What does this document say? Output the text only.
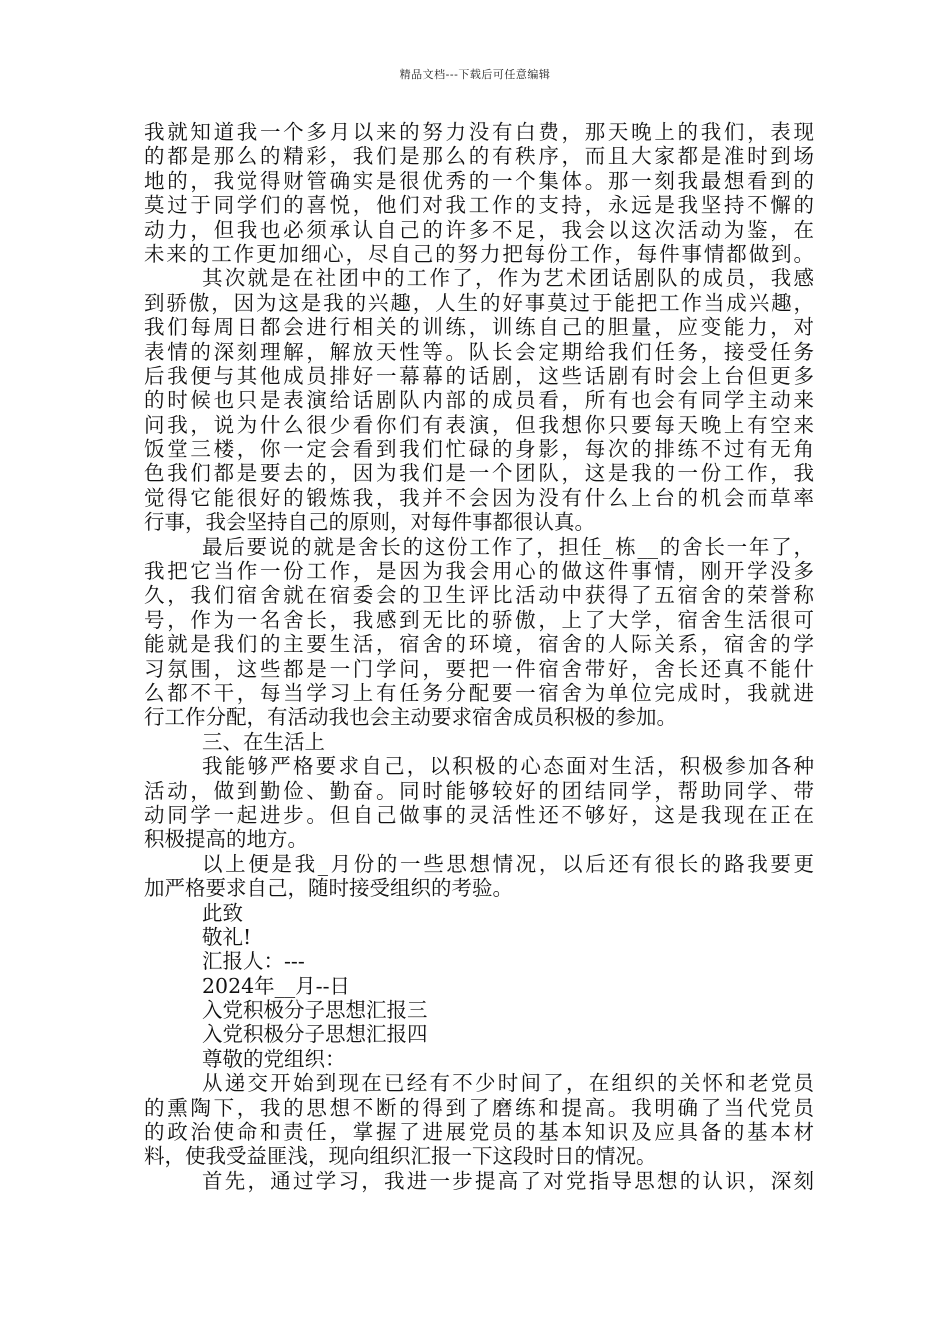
精品文档---下载后可任意编辑
我就知道我一个多月以来的努力没有白费，那天晚上的我们，表现
的都是那么的精彩，我们是那么的有秩序，而且大家都是准时到场
地的，我觉得财管确实是很优秀的一个集体。那一刻我最想看到的
莫过于同学们的喜悦，他们对我工作的支持，永远是我坚持不懈的
动力，但我也必须承认自己的许多不足，我会以这次活动为鉴，在
未来的工作更加细心，尽自己的努力把每份工作，每件事情都做到。
其次就是在社团中的工作了，作为艺术团话剧队的成员，我感
到骄傲，因为这是我的兴趣，人生的好事莫过于能把工作当成兴趣，
我们每周日都会进行相关的训练，训练自己的胆量，应变能力，对
表情的深刻理解，解放天性等。队长会定期给我们任务，接受任务
后我便与其他成员排好一幕幕的话剧，这些话剧有时会上台但更多
的时候也只是表演给话剧队内部的成员看，所有也会有同学主动来
问我，说为什么很少看你们有表演，但我想你只要每天晚上有空来
饭堂三楼，你一定会看到我们忙碌的身影，每次的排练不过有无角
色我们都是要去的，因为我们是一个团队，这是我的一份工作，我
觉得它能很好的锻炼我，我并不会因为没有什么上台的机会而草率
行事，我会坚持自己的原则，对每件事都很认真。
最后要说的就是舍长的这份工作了，担任_栋__的舍长一年了，
我把它当作一份工作，是因为我会用心的做这件事情，刚开学没多
久，我们宿舍就在宿委会的卫生评比活动中获得了五宿舍的荣誉称
号，作为一名舍长，我感到无比的骄傲，上了大学，宿舍生活很可
能就是我们的主要生活，宿舍的环境，宿舍的人际关系，宿舍的学
习氛围，这些都是一门学问，要把一件宿舍带好，舍长还真不能什
么都不干，每当学习上有任务分配要一宿舍为单位完成时，我就进
行工作分配，有活动我也会主动要求宿舍成员积极的参加。
三、在生活上
我能够严格要求自己，以积极的心态面对生活，积极参加各种
活动，做到勤俭、勤奋。同时能够较好的团结同学，帮助同学、带
动同学一起进步。但自己做事的灵活性还不够好，这是我现在正在
积极提高的地方。
以上便是我_月份的一些思想情况，以后还有很长的路我要更
加严格要求自己，随时接受组织的考验。
此致
敬礼!
汇报人：---
2024年__月--日
入党积极分子思想汇报三
入党积极分子思想汇报四
尊敬的党组织：
从递交开始到现在已经有不少时间了，在组织的关怀和老党员
的熏陶下，我的思想不断的得到了磨练和提高。我明确了当代党员
的政治使命和责任，掌握了进展党员的基本知识及应具备的基本材
料，使我受益匪浅，现向组织汇报一下这段时日的情况。
首先，通过学习，我进一步提高了对党指导思想的认识，深刻
